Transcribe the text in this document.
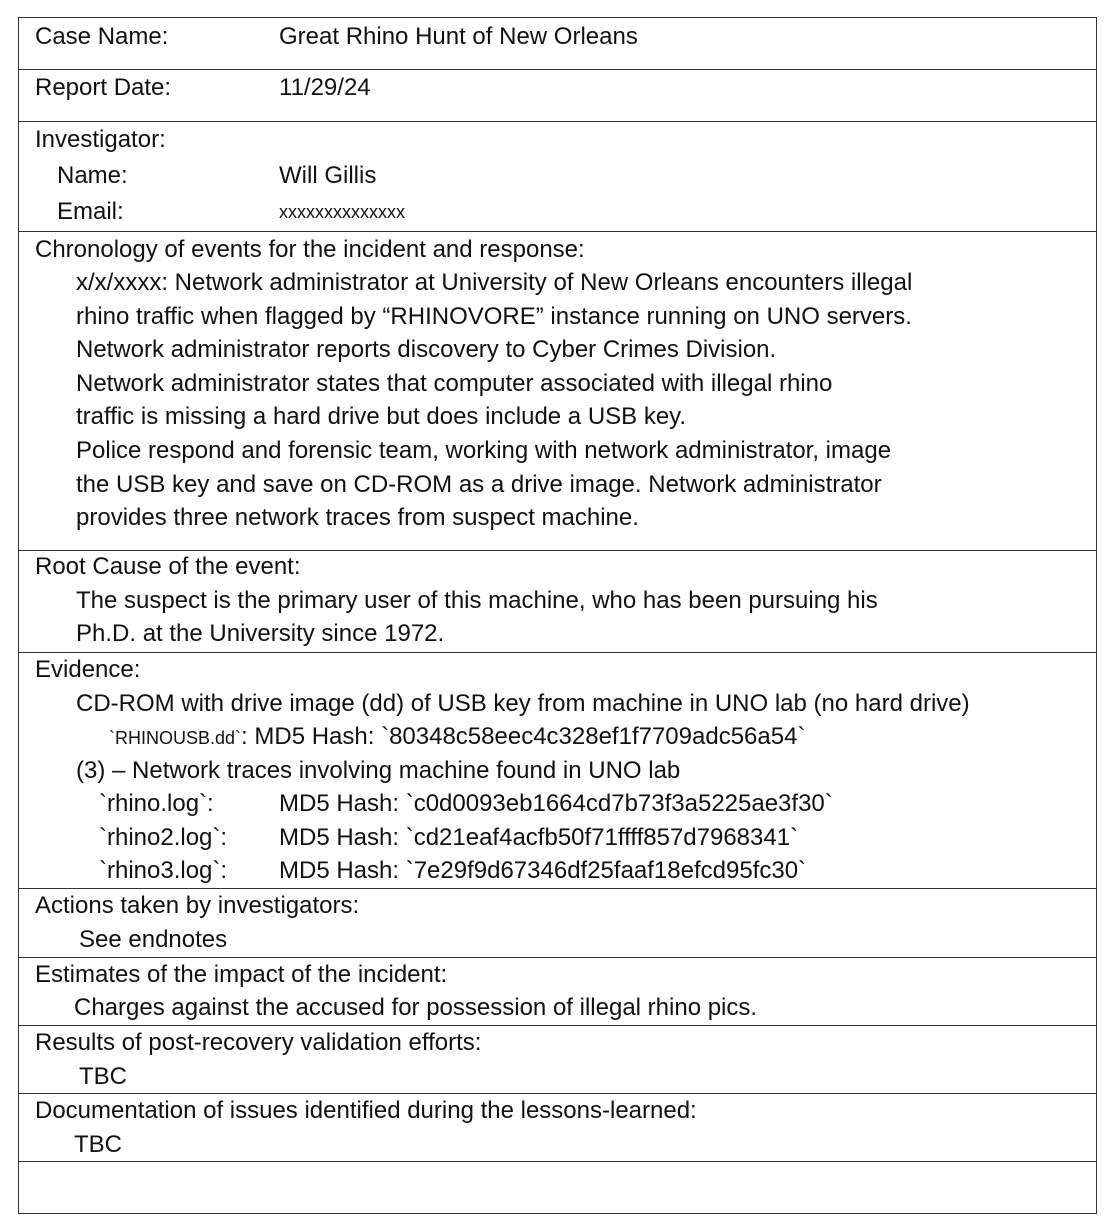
Case Name:	Great Rhino Hunt of New Orleans
Report Date:	11/29/24
Investigator:
Name:	Will Gillis
Email:	xxxxxxxxxxxxxx
Chronology of events for the incident and response:
x/x/xxxx: Network administrator at University of New Orleans encounters illegal
rhino traffic when flagged by “RHINOVORE” instance running on UNO servers.
Network administrator reports discovery to Cyber Crimes Division.
Network administrator states that computer associated with illegal rhino
traffic is missing a hard drive but does include a USB key.
Police respond and forensic team, working with network administrator, image
the USB key and save on CD-ROM as a drive image. Network administrator
provides three network traces from suspect machine.
Root Cause of the event:
The suspect is the primary user of this machine, who has been pursuing his
Ph.D. at the University since 1972.
Evidence:
CD-ROM with drive image (dd) of USB key from machine in UNO lab (no hard drive)
`RHINOUSB.dd`: MD5 Hash: `80348c58eec4c328ef1f7709adc56a54`
(3) – Network traces involving machine found in UNO lab
`rhino.log`:	MD5 Hash: `c0d0093eb1664cd7b73f3a5225ae3f30`
`rhino2.log`: MD5 Hash: `cd21eaf4acfb50f71ffff857d7968341`
`rhino3.log`: MD5 Hash: `7e29f9d67346df25faaf18efcd95fc30`
Actions taken by investigators:
See endnotes
Estimates of the impact of the incident:
Charges against the accused for possession of illegal rhino pics.
Results of post-recovery validation efforts:
TBC
Documentation of issues identified during the lessons-learned:
TBC
